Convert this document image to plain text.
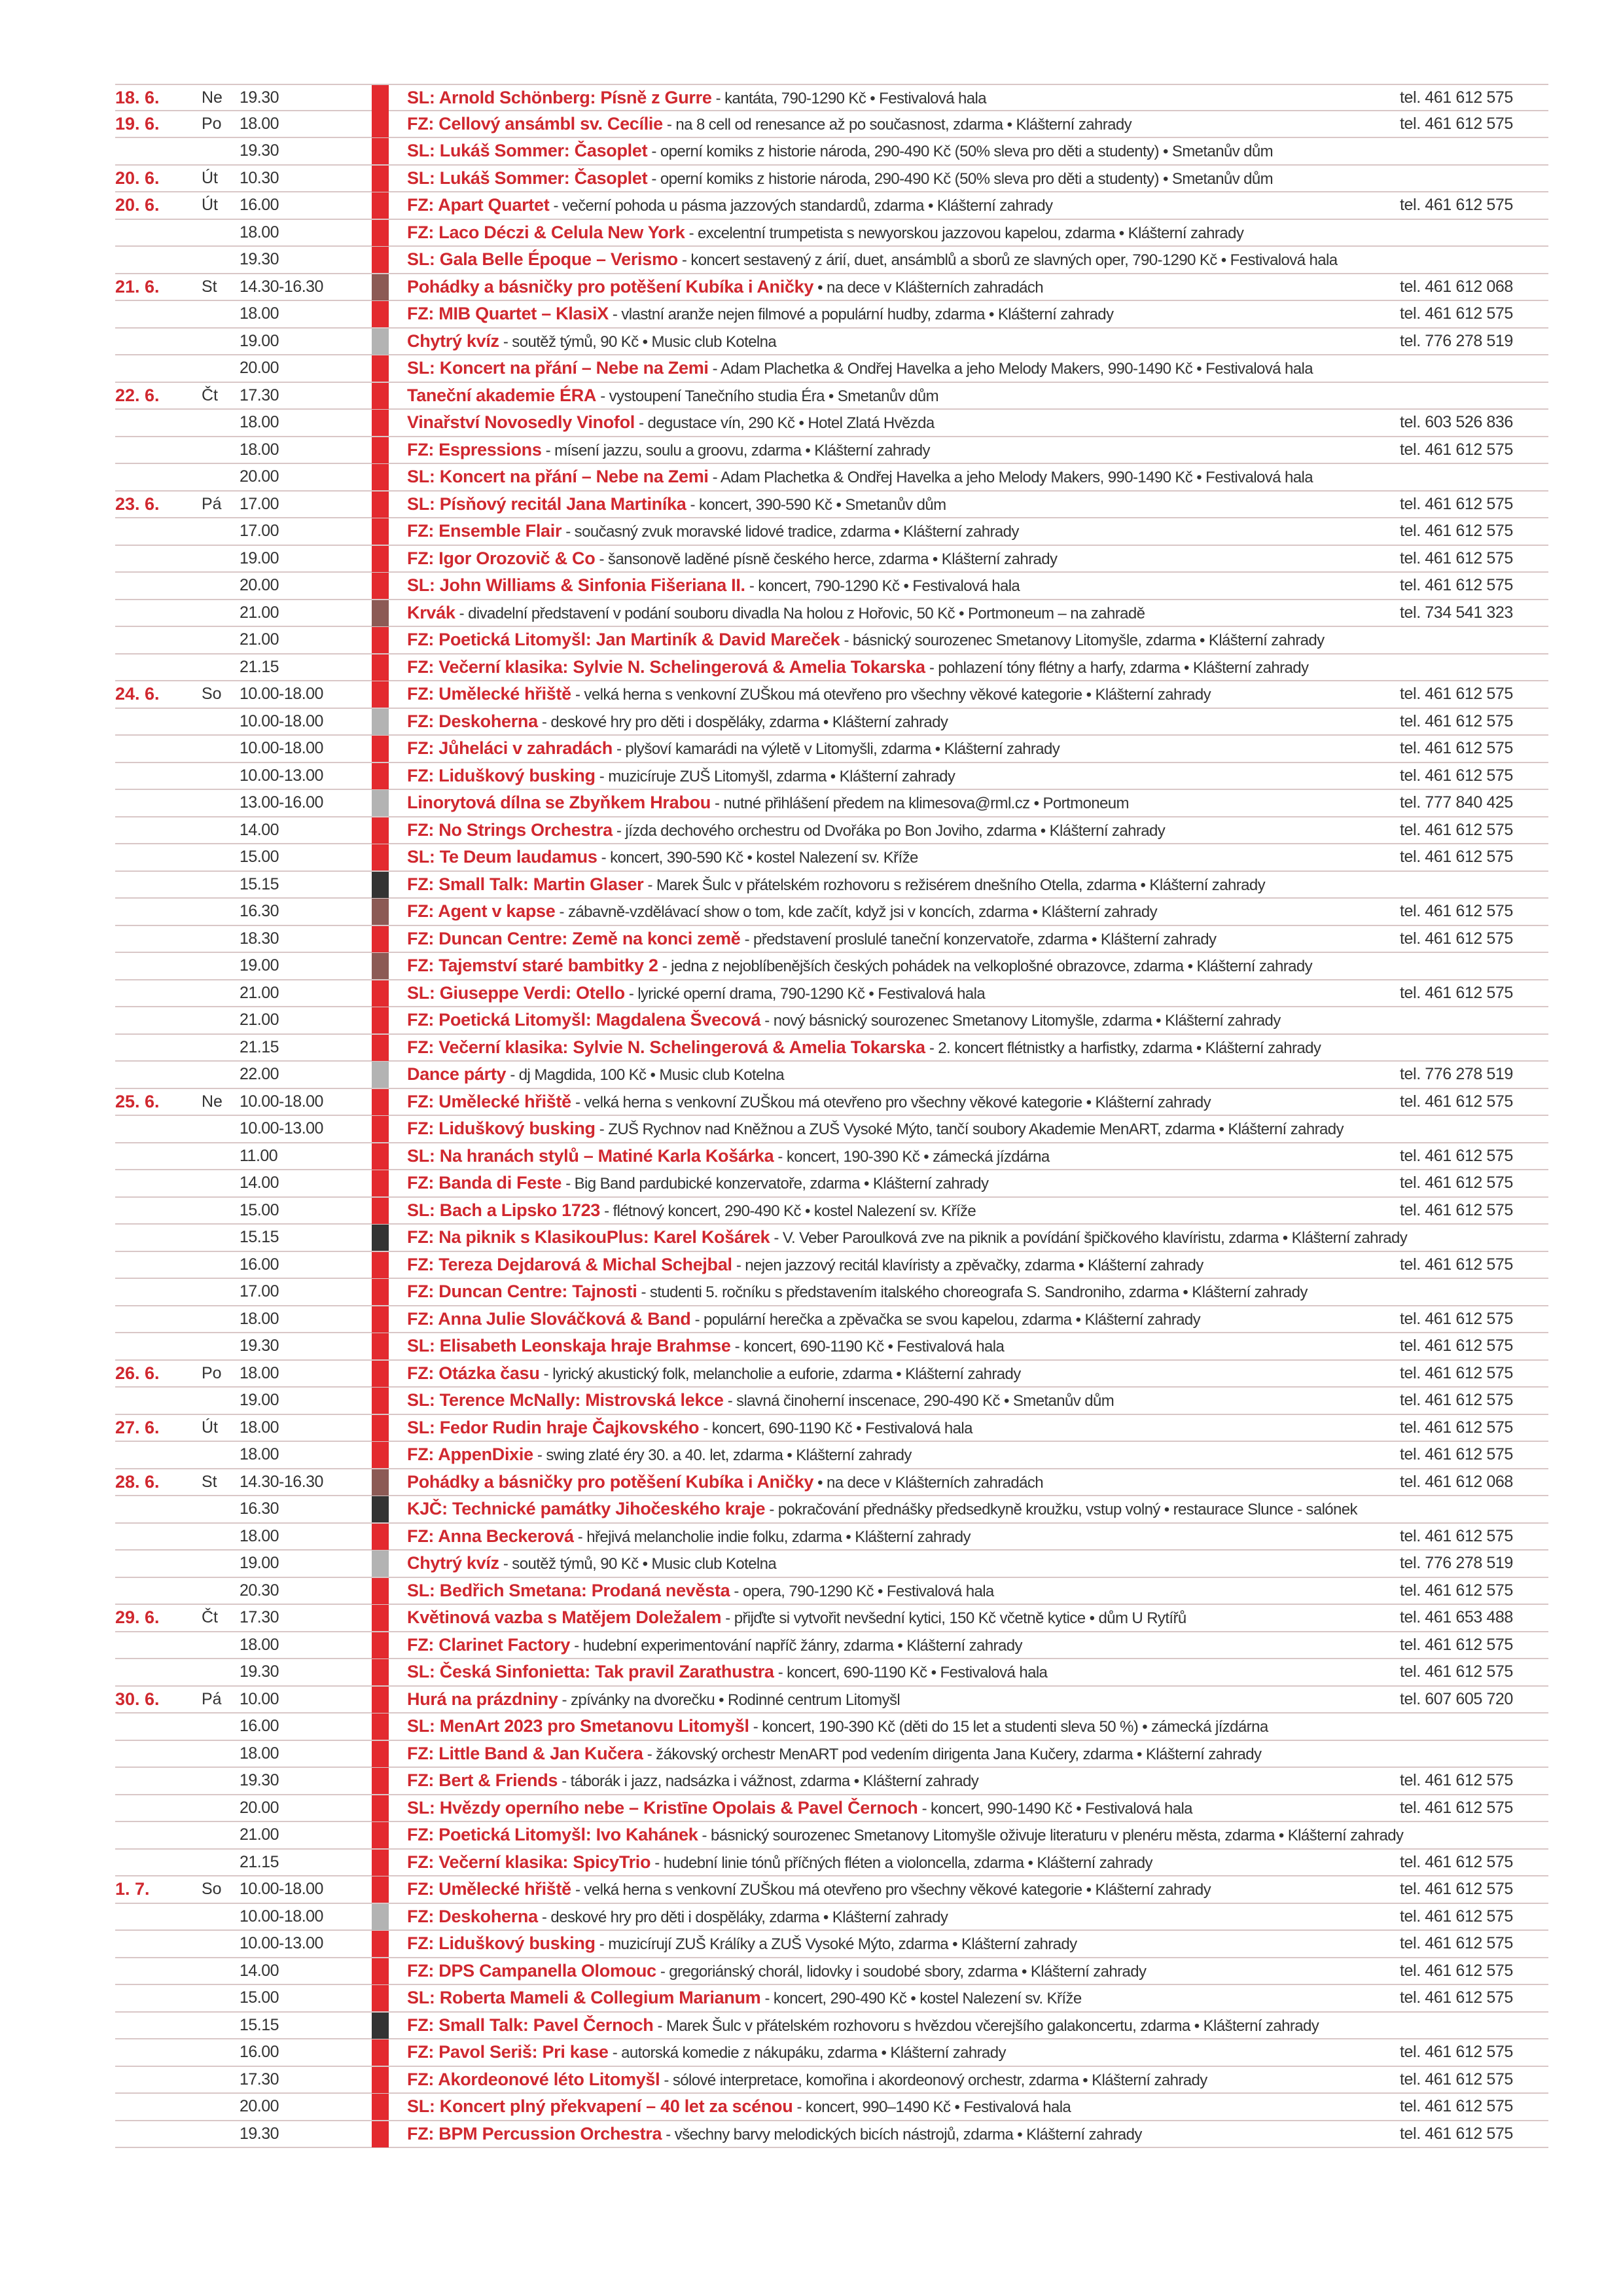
18. 6.	Ne	19.30	SL: Arnold Schönberg: Písně z Gurre - kantáta, 790-1290 Kč • Festivalová hala	tel. 461 612 575
19. 6.	Po	18.00	FZ: Cellový ansámbl sv. Cecílie - na 8 cell od renesance až po současnost, zdarma • Klášterní zahrady	tel. 461 612 575
19.30	SL: Lukáš Sommer: Časoplet - operní komiks z historie národa, 290-490 Kč (50% sleva pro děti a studenty) • Smetanův dům
20. 6.	Út	10.30	SL: Lukáš Sommer: Časoplet - operní komiks z historie národa, 290-490 Kč (50% sleva pro děti a studenty) • Smetanův dům
20. 6.	Út	16.00	FZ: Apart Quartet - večerní pohoda u pásma jazzových standardů, zdarma • Klášterní zahrady	tel. 461 612 575
18.00	FZ: Laco Déczi & Celula New York - excelentní trumpetista s newyorskou jazzovou kapelou, zdarma • Klášterní zahrady
19.30	SL: Gala Belle Époque – Verismo - koncert sestavený z árií, duet, ansámblů a sborů ze slavných oper, 790-1290 Kč • Festivalová hala
21. 6.	St	14.30-16.30	Pohádky a básničky pro potěšení Kubíka i Aničky • na dece v Klášterních zahradách	tel. 461 612 068
18.00	FZ: MIB Quartet – KlasiX - vlastní aranže nejen filmové a populární hudby, zdarma • Klášterní zahrady	tel. 461 612 575
19.00	Chytrý kvíz - soutěž týmů, 90 Kč • Music club Kotelna	tel. 776 278 519
20.00	SL: Koncert na přání – Nebe na Zemi - Adam Plachetka & Ondřej Havelka a jeho Melody Makers, 990-1490 Kč • Festivalová hala
22. 6.	Čt	17.30	Taneční akademie ÉRA - vystoupení Tanečního studia Éra • Smetanův dům
18.00	Vinařství Novosedly Vinofol - degustace vín, 290 Kč • Hotel Zlatá Hvězda	tel. 603 526 836
18.00	FZ: Espressions - mísení jazzu, soulu a groovu, zdarma • Klášterní zahrady	tel. 461 612 575
20.00	SL: Koncert na přání – Nebe na Zemi - Adam Plachetka & Ondřej Havelka a jeho Melody Makers, 990-1490 Kč • Festivalová hala
23. 6.	Pá	17.00	SL: Písňový recitál Jana Martiníka - koncert, 390-590 Kč • Smetanův dům	tel. 461 612 575
17.00	FZ: Ensemble Flair - současný zvuk moravské lidové tradice, zdarma • Klášterní zahrady	tel. 461 612 575
19.00	FZ: Igor Orozovič & Co - šansonově laděné písně českého herce, zdarma • Klášterní zahrady	tel. 461 612 575
20.00	SL: John Williams & Sinfonia Fišeriana II. - koncert, 790-1290 Kč • Festivalová hala	tel. 461 612 575
21.00	Krvák - divadelní představení v podání souboru divadla Na holou z Hořovic, 50 Kč • Portmoneum – na zahradě	tel. 734 541 323
21.00	FZ: Poetická Litomyšl: Jan Martiník & David Mareček - básnický sourozenec Smetanovy Litomyšle, zdarma • Klášterní zahrady
21.15	FZ: Večerní klasika: Sylvie N. Schelingerová & Amelia Tokarska - pohlazení tóny flétny a harfy, zdarma • Klášterní zahrady
24. 6.	So	10.00-18.00	FZ: Umělecké hřiště - velká herna s venkovní ZUŠkou má otevřeno pro všechny věkové kategorie • Klášterní zahrady	tel. 461 612 575
10.00-18.00	FZ: Deskoherna - deskové hry pro děti i dospěláky, zdarma • Klášterní zahrady	tel. 461 612 575
10.00-18.00	FZ: Jůheláci v zahradách - plyšoví kamarádi na výletě v Litomyšli, zdarma • Klášterní zahrady	tel. 461 612 575
10.00-13.00	FZ: Liduškový busking - muzicíruje ZUŠ Litomyšl, zdarma • Klášterní zahrady	tel. 461 612 575
13.00-16.00	Linorytová dílna se Zbyňkem Hrabou - nutné přihlášení předem na klimesova@rml.cz • Portmoneum	tel. 777 840 425
14.00	FZ: No Strings Orchestra - jízda dechového orchestru od Dvořáka po Bon Joviho, zdarma • Klášterní zahrady	tel. 461 612 575
15.00	SL: Te Deum laudamus - koncert, 390-590 Kč • kostel Nalezení sv. Kříže	tel. 461 612 575
15.15	FZ: Small Talk: Martin Glaser - Marek Šulc v přátelském rozhovoru s režisérem dnešního Otella, zdarma • Klášterní zahrady
16.30	FZ: Agent v kapse - zábavně-vzdělávací show o tom, kde začít, když jsi v koncích, zdarma • Klášterní zahrady	tel. 461 612 575
18.30	FZ: Duncan Centre: Země na konci země - představení proslulé taneční konzervatoře, zdarma • Klášterní zahrady	tel. 461 612 575
19.00	FZ: Tajemství staré bambitky 2 - jedna z nejoblíbenějších českých pohádek na velkoplošné obrazovce, zdarma • Klášterní zahrady
21.00	SL: Giuseppe Verdi: Otello - lyrické operní drama, 790-1290 Kč • Festivalová hala	tel. 461 612 575
21.00	FZ: Poetická Litomyšl: Magdalena Švecová - nový básnický sourozenec Smetanovy Litomyšle, zdarma • Klášterní zahrady
21.15	FZ: Večerní klasika: Sylvie N. Schelingerová & Amelia Tokarska - 2. koncert flétnistky a harfistky, zdarma • Klášterní zahrady
22.00	Dance párty - dj Magdida, 100 Kč • Music club Kotelna	tel. 776 278 519
25. 6.	Ne	10.00-18.00	FZ: Umělecké hřiště - velká herna s venkovní ZUŠkou má otevřeno pro všechny věkové kategorie • Klášterní zahrady	tel. 461 612 575
10.00-13.00	FZ: Liduškový busking - ZUŠ Rychnov nad Kněžnou a ZUŠ Vysoké Mýto, tančí soubory Akademie MenART, zdarma • Klášterní zahrady
11.00	SL: Na hranách stylů – Matiné Karla Košárka - koncert, 190-390 Kč • zámecká jízdárna	tel. 461 612 575
14.00	FZ: Banda di Feste - Big Band pardubické konzervatoře, zdarma • Klášterní zahrady	tel. 461 612 575
15.00	SL: Bach a Lipsko 1723 - flétnový koncert, 290-490 Kč • kostel Nalezení sv. Kříže	tel. 461 612 575
15.15	FZ: Na piknik s KlasikouPlus: Karel Košárek - V. Veber Paroulková zve na piknik a povídání špičkového klavíristu, zdarma • Klášterní zahrady
16.00	FZ: Tereza Dejdarová & Michal Schejbal - nejen jazzový recitál klavíristy a zpěvačky, zdarma • Klášterní zahrady	tel. 461 612 575
17.00	FZ: Duncan Centre: Tajnosti - studenti 5. ročníku s představením italského choreografa S. Sandroniho, zdarma • Klášterní zahrady
18.00	FZ: Anna Julie Slováčková & Band - populární herečka a zpěvačka se svou kapelou, zdarma • Klášterní zahrady	tel. 461 612 575
19.30	SL: Elisabeth Leonskaja hraje Brahmse - koncert, 690-1190 Kč • Festivalová hala	tel. 461 612 575
26. 6.	Po	18.00	FZ: Otázka času - lyrický akustický folk, melancholie a euforie, zdarma • Klášterní zahrady	tel. 461 612 575
19.00	SL: Terence McNally: Mistrovská lekce - slavná činoherní inscenace, 290-490 Kč • Smetanův dům	tel. 461 612 575
27. 6.	Út	18.00	SL: Fedor Rudin hraje Čajkovského - koncert, 690-1190 Kč • Festivalová hala	tel. 461 612 575
18.00	FZ: AppenDixie - swing zlaté éry 30. a 40. let, zdarma • Klášterní zahrady	tel. 461 612 575
28. 6.	St	14.30-16.30	Pohádky a básničky pro potěšení Kubíka i Aničky • na dece v Klášterních zahradách	tel. 461 612 068
16.30	KJČ: Technické památky Jihočeského kraje - pokračování přednášky předsedkyně kroužku, vstup volný • restaurace Slunce - salónek
18.00	FZ: Anna Beckerová - hřejivá melancholie indie folku, zdarma • Klášterní zahrady	tel. 461 612 575
19.00	Chytrý kvíz - soutěž týmů, 90 Kč • Music club Kotelna	tel. 776 278 519
20.30	SL: Bedřich Smetana: Prodaná nevěsta - opera, 790-1290 Kč • Festivalová hala	tel. 461 612 575
29. 6.	Čt	17.30	Květinová vazba s Matějem Doležalem - přijďte si vytvořit nevšední kytici, 150 Kč včetně kytice • dům U Rytířů	tel. 461 653 488
18.00	FZ: Clarinet Factory - hudební experimentování napříč žánry, zdarma • Klášterní zahrady	tel. 461 612 575
19.30	SL: Česká Sinfonietta: Tak pravil Zarathustra - koncert, 690-1190 Kč • Festivalová hala	tel. 461 612 575
30. 6.	Pá	10.00	Hurá na prázdniny - zpívánky na dvorečku • Rodinné centrum Litomyšl	tel. 607 605 720
16.00	SL: MenArt 2023 pro Smetanovu Litomyšl - koncert, 190-390 Kč (děti do 15 let a studenti sleva 50 %) • zámecká jízdárna
18.00	FZ: Little Band & Jan Kučera - žákovský orchestr MenART pod vedením dirigenta Jana Kučery, zdarma • Klášterní zahrady
19.30	FZ: Bert & Friends - táborák i jazz, nadsázka i vážnost, zdarma • Klášterní zahrady	tel. 461 612 575
20.00	SL: Hvězdy operního nebe – Kristīne Opolais & Pavel Černoch - koncert, 990-1490 Kč • Festivalová hala	tel. 461 612 575
21.00	FZ: Poetická Litomyšl: Ivo Kahánek - básnický sourozenec Smetanovy Litomyšle oživuje literaturu v plenéru města, zdarma • Klášterní zahrady
21.15	FZ: Večerní klasika: SpicyTrio - hudební linie tónů příčných fléten a violoncella, zdarma • Klášterní zahrady	tel. 461 612 575
1. 7.	So	10.00-18.00	FZ: Umělecké hřiště - velká herna s venkovní ZUŠkou má otevřeno pro všechny věkové kategorie • Klášterní zahrady	tel. 461 612 575
10.00-18.00	FZ: Deskoherna - deskové hry pro děti i dospěláky, zdarma • Klášterní zahrady	tel. 461 612 575
10.00-13.00	FZ: Liduškový busking - muzicírují ZUŠ Králíky a ZUŠ Vysoké Mýto, zdarma • Klášterní zahrady	tel. 461 612 575
14.00	FZ: DPS Campanella Olomouc - gregoriánský chorál, lidovky i soudobé sbory, zdarma • Klášterní zahrady	tel. 461 612 575
15.00	SL: Roberta Mameli & Collegium Marianum - koncert, 290-490 Kč • kostel Nalezení sv. Kříže	tel. 461 612 575
15.15	FZ: Small Talk: Pavel Černoch - Marek Šulc v přátelském rozhovoru s hvězdou včerejšího galakoncertu, zdarma • Klášterní zahrady
16.00	FZ: Pavol Seriš: Pri kase - autorská komedie z nákupáku, zdarma • Klášterní zahrady	tel. 461 612 575
17.30	FZ: Akordeonové léto Litomyšl - sólové interpretace, komořina i akordeonový orchestr, zdarma • Klášterní zahrady	tel. 461 612 575
20.00	SL: Koncert plný překvapení – 40 let za scénou - koncert, 990–1490 Kč • Festivalová hala	tel. 461 612 575
19.30	FZ: BPM Percussion Orchestra - všechny barvy melodických bicích nástrojů, zdarma • Klášterní zahrady	tel. 461 612 575
